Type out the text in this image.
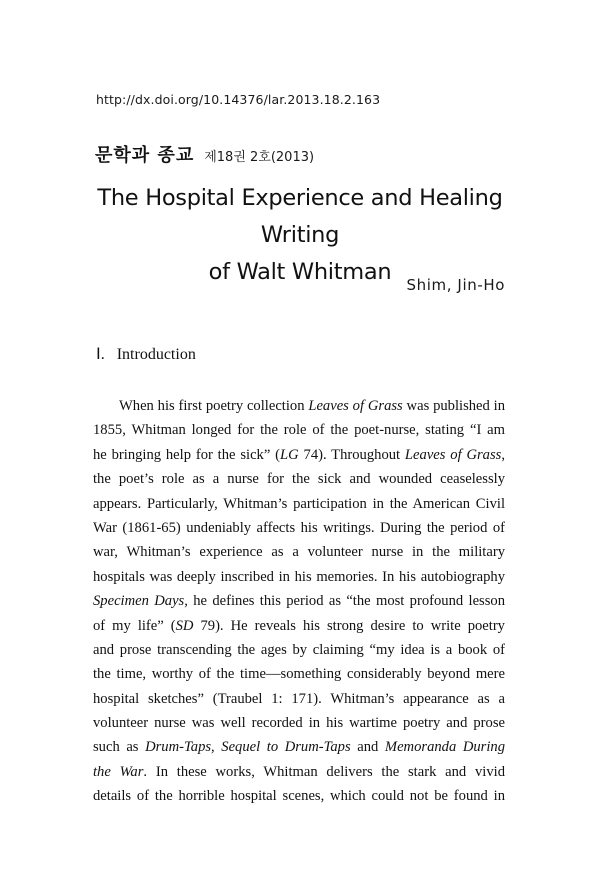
http://dx.doi.org/10.14376/lar.2013.18.2.163
문학과 종교 제18권 2호(2013)
The Hospital Experience and Healing Writing
of Walt Whitman	Shim, Jin-Ho
Ⅰ. Introduction
When his first poetry collection Leaves of Grass was published in
1855, Whitman longed for the role of the poet-nurse, stating “I am
he bringing help for the sick” (LG 74). Throughout Leaves of Grass,
the poet’s role as a nurse for the sick and wounded ceaselessly
appears. Particularly, Whitman’s participation in the American Civil
War (1861-65) undeniably affects his writings. During the period of
war, Whitman’s experience as a volunteer nurse in the military
hospitals was deeply inscribed in his memories. In his autobiography
Specimen Days, he defines this period as “the most profound lesson
of my life” (SD 79). He reveals his strong desire to write poetry
and prose transcending the ages by claiming “my idea is a book of
the time, worthy of the time—something considerably beyond mere
hospital sketches” (Traubel 1: 171). Whitman’s appearance as a
volunteer nurse was well recorded in his wartime poetry and prose
such as Drum-Taps, Sequel to Drum-Taps and Memoranda During
the War. In these works, Whitman delivers the stark and vivid
details of the horrible hospital scenes, which could not be found in
